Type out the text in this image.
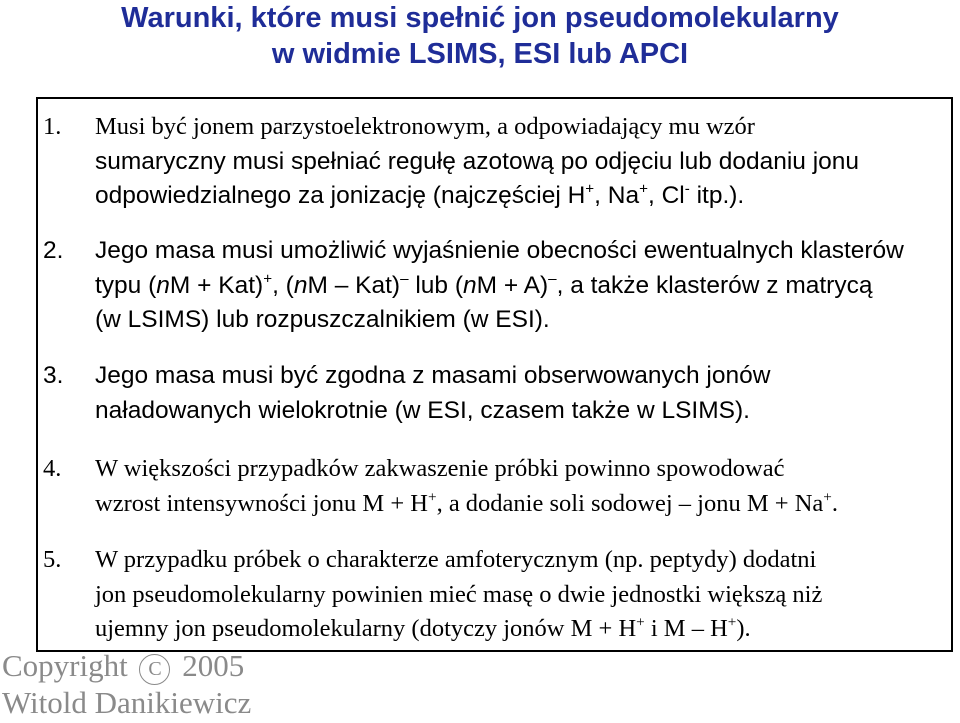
Warunki, które musi spełnić jon pseudomolekularny
w widmie LSIMS, ESI lub APCI
1. Musi być jonem parzystoelektronowym, a odpowiadający mu wzór
sumaryczny musi spełniać regułę azotową po odjęciu lub dodaniu jonu
odpowiedzialnego za jonizację (najczęściej H+, Na+, Cl- itp.).
2. Jego masa musi umożliwić wyjaśnienie obecności ewentualnych klasterów
typu (nM + Kat)+, (nM – Kat)– lub (nM + A)–, a także klasterów z matrycą
(w LSIMS) lub rozpuszczalnikiem (w ESI).
3. Jego masa musi być zgodna z masami obserwowanych jonów
naładowanych wielokrotnie (w ESI, czasem także w LSIMS).
4. W większości przypadków zakwaszenie próbki powinno spowodować
wzrost intensywności jonu M + H+, a dodanie soli sodowej – jonu M + Na+.
5. W przypadku próbek o charakterze amfoterycznym (np. peptydy) dodatni
jon pseudomolekularny powinien mieć masę o dwie jednostki większą niż
ujemny jon pseudomolekularny (dotyczy jonów M + H+ i M – H+).
Copyright C 2005
Witold Danikiewicz
